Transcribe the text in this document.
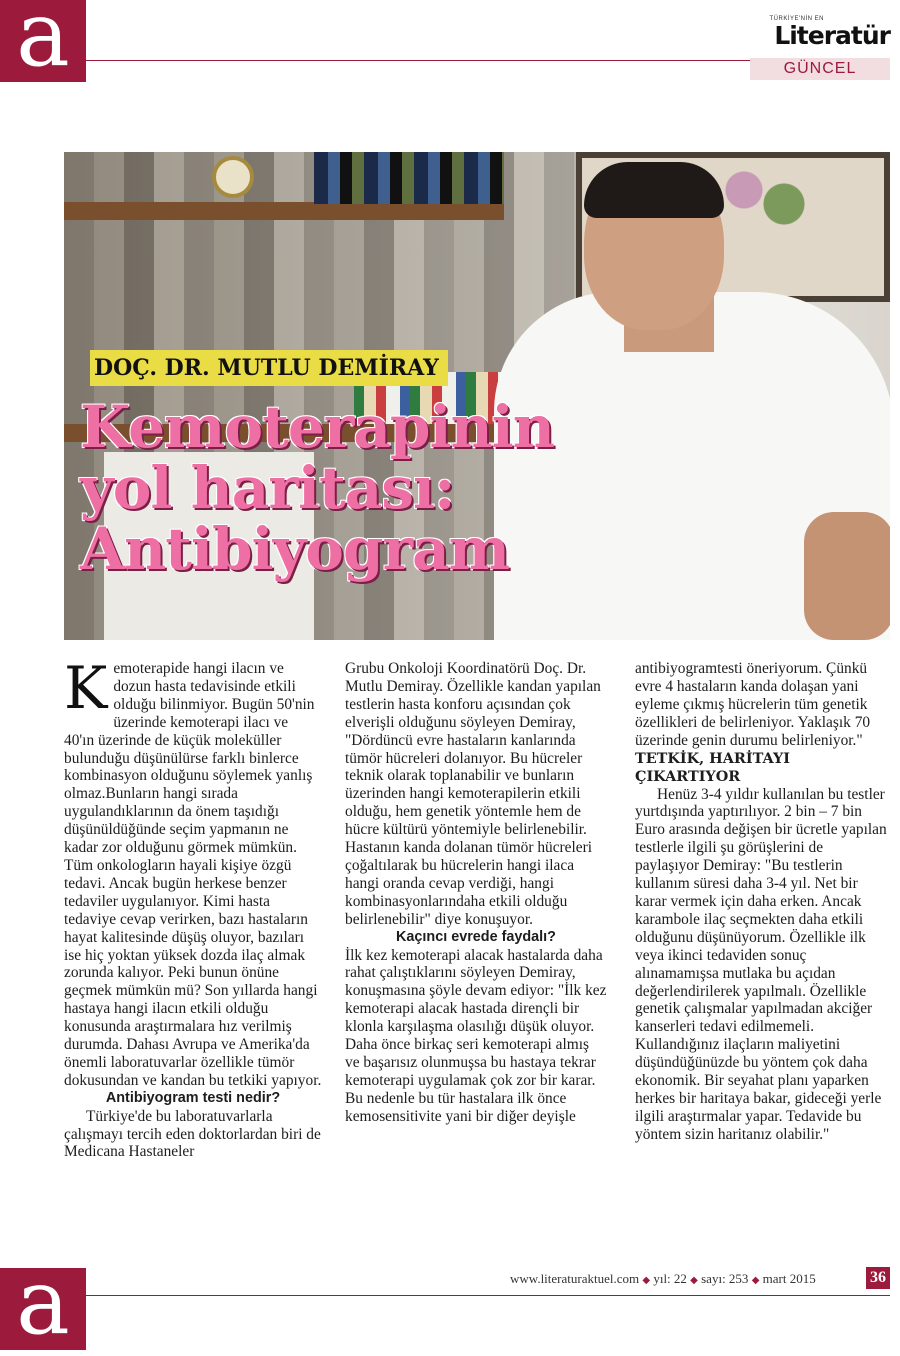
a	TÜRKİYE'NİN EN
Literatür
GÜNCEL
DOÇ. DR. MUTLU DEMİRAY
Kemoterapinin
yol haritası:
Antibiyogram
K emoterapide hangi ilacın ve dozun hasta tedavisinde etkili olduğu bilinmiyor. Bugün 50'nin üzerinde kemoterapi ilacı ve 40'ın üzerinde de küçük moleküller bulunduğu düşünülürse farklı binlerce kombinasyon olduğunu söylemek yanlış olmaz.Bunların hangi sırada uygulandıklarının da önem taşıdığı düşünüldüğünde seçim yapmanın ne kadar zor olduğunu görmek mümkün. Tüm onkologların hayali kişiye özgü tedavi. Ancak bugün herkese benzer tedaviler uygulanıyor. Kimi hasta tedaviye cevap verirken, bazı hastaların hayat kalitesinde düşüş oluyor, bazıları ise hiç yoktan yüksek dozda ilaç almak zorunda kalıyor. Peki bunun önüne geçmek mümkün mü? Son yıllarda hangi hastaya hangi ilacın etkili olduğu konusunda araştırmalara hız verilmiş durumda. Dahası Avrupa ve Amerika'da önemli laboratuvarlar özellikle tümör dokusundan ve kandan bu tetkiki yapıyor.

Antibiyogram testi nedir?

Türkiye'de bu laboratuvarlarla çalışmayı tercih eden doktorlardan biri de Medicana Hastaneler

Grubu Onkoloji Koordinatörü Doç. Dr. Mutlu Demiray. Özellikle kandan yapılan testlerin hasta konforu açısından çok elverişli olduğunu söyleyen Demiray, "Dördüncü evre hastaların kanlarında tümör hücreleri dolanıyor. Bu hücreler teknik olarak toplanabilir ve bunların üzerinden hangi kemoterapilerin etkili olduğu, hem genetik yöntemle hem de hücre kültürü yöntemiyle belirlenebilir. Hastanın kanda dolanan tümör hücreleri çoğaltılarak bu hücrelerin hangi ilaca hangi oranda cevap verdiği, hangi kombinasyonlarındaha etkili olduğu belirlenebilir" diye konuşuyor.

Kaçıncı evrede faydalı?

İlk kez kemoterapi alacak hastalarda daha rahat çalıştıklarını söyleyen Demiray, konuşmasına şöyle devam ediyor: "İlk kez kemoterapi alacak hastada dirençli bir klonla karşılaşma olasılığı düşük oluyor. Daha önce birkaç seri kemoterapi almış ve başarısız olunmuşsa bu hastaya tekrar kemoterapi uygulamak çok zor bir karar. Bu nedenle bu tür hastalara ilk önce kemosensitivite yani bir diğer deyişle

antibiyogramtesti öneriyorum. Çünkü evre 4 hastaların kanda dolaşan yani eyleme çıkmış hücrelerin tüm genetik özellikleri de belirleniyor. Yaklaşık 70 üzerinde genin durumu belirleniyor."

TETKİK, HARİTAYI ÇIKARTIYOR

Henüz 3-4 yıldır kullanılan bu testler yurtdışında yaptırılıyor. 2 bin – 7 bin Euro arasında değişen bir ücretle yapılan testlerle ilgili şu görüşlerini de paylaşıyor Demiray: "Bu testlerin kullanım süresi daha 3-4 yıl. Net bir karar vermek için daha erken. Ancak karambole ilaç seçmekten daha etkili olduğunu düşünüyorum. Özellikle ilk veya ikinci tedaviden sonuç alınamamışsa mutlaka bu açıdan değerlendirilerek yapılmalı. Özellikle genetik çalışmalar yapılmadan akciğer kanserleri tedavi edilmemeli. Kullandığınız ilaçların maliyetini düşündüğünüzde bu yöntem çok daha ekonomik. Bir seyahat planı yaparken herkes bir haritaya bakar, gideceği yerle ilgili araştırmalar yapar. Tedavide bu yöntem sizin haritanız olabilir."

a	www.literaturaktuel.com ◆ yıl: 22 ◆ sayı: 253 ◆ mart 2015	36
